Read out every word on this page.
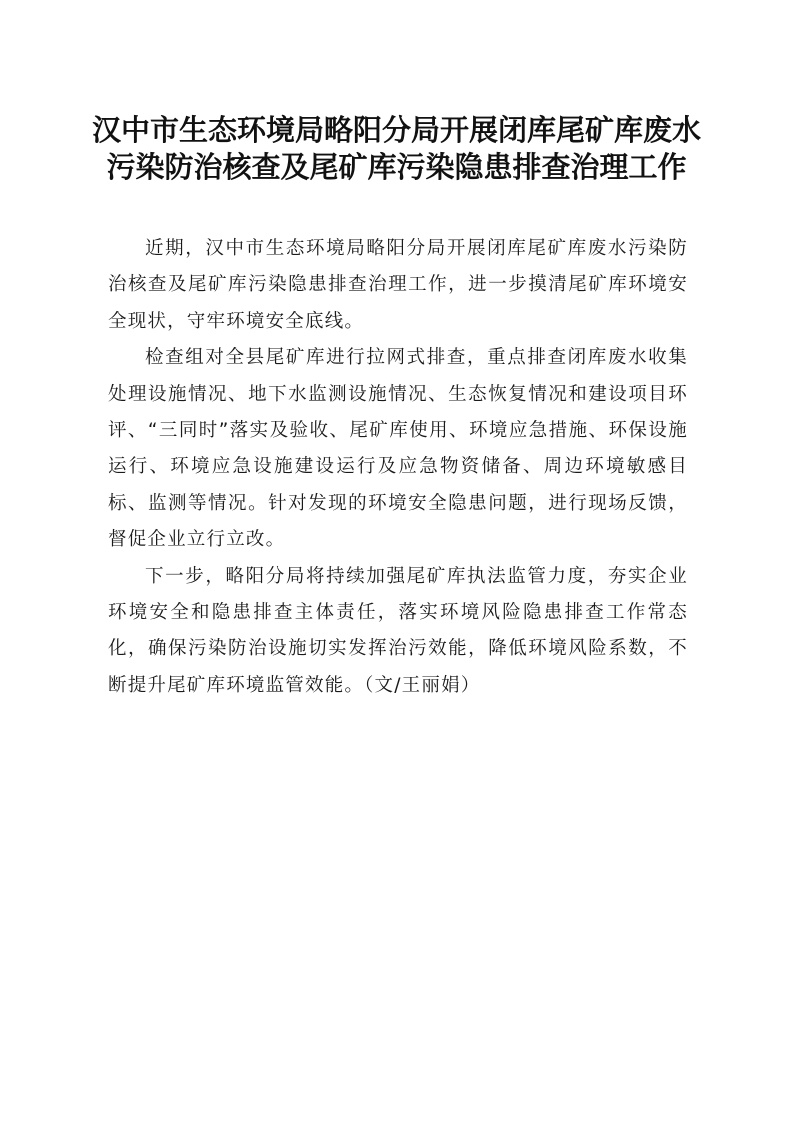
汉中市生态环境局略阳分局开展闭库尾矿库废水
污染防治核查及尾矿库污染隐患排查治理工作

近期，汉中市生态环境局略阳分局开展闭库尾矿库废水污染防治核查及尾矿库污染隐患排查治理工作，进一步摸清尾矿库环境安全现状，守牢环境安全底线。

检查组对全县尾矿库进行拉网式排查，重点排查闭库废水收集处理设施情况、地下水监测设施情况、生态恢复情况和建设项目环评、“三同时”落实及验收、尾矿库使用、环境应急措施、环保设施运行、环境应急设施建设运行及应急物资储备、周边环境敏感目标、监测等情况。针对发现的环境安全隐患问题，进行现场反馈，督促企业立行立改。

下一步，略阳分局将持续加强尾矿库执法监管力度，夯实企业环境安全和隐患排查主体责任，落实环境风险隐患排查工作常态化，确保污染防治设施切实发挥治污效能，降低环境风险系数，不断提升尾矿库环境监管效能。（文/王丽娟）
